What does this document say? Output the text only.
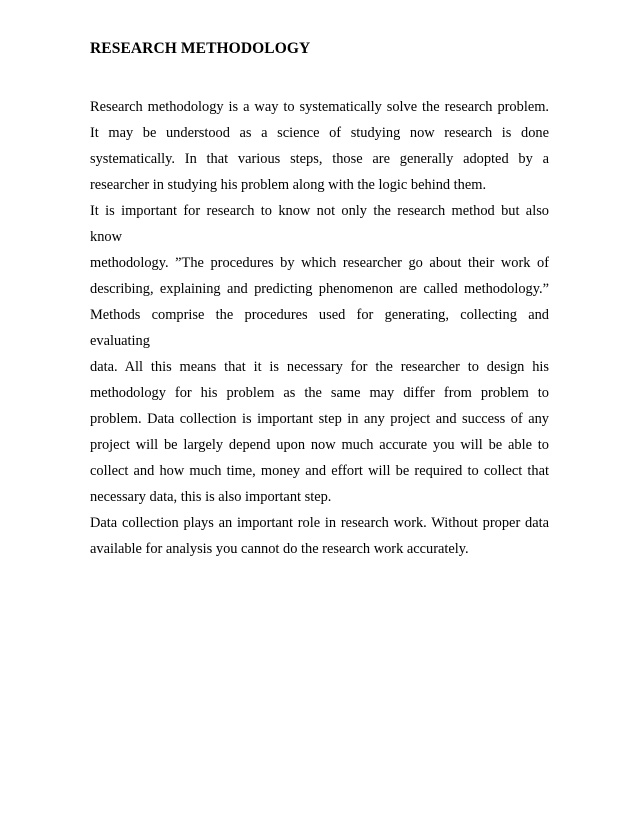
RESEARCH METHODOLOGY
Research methodology is a way to systematically solve the research problem.
It may be understood as a science of studying now research is done
systematically. In that various steps, those are generally adopted by a
researcher in studying his problem along with the logic behind them.
It is important for research to know not only the research method but also
know
methodology. ”The procedures by which researcher go about their work of
describing, explaining and predicting phenomenon are called methodology.”
Methods comprise the procedures used for generating, collecting and
evaluating
data. All this means that it is necessary for the researcher to design his
methodology for his problem as the same may differ from problem to
problem. Data collection is important step in any project and success of any
project will be largely depend upon now much accurate you will be able to
collect and how much time, money and effort will be required to collect that
necessary data, this is also important step.
Data collection plays an important role in research work. Without proper data
available for analysis you cannot do the research work accurately.
